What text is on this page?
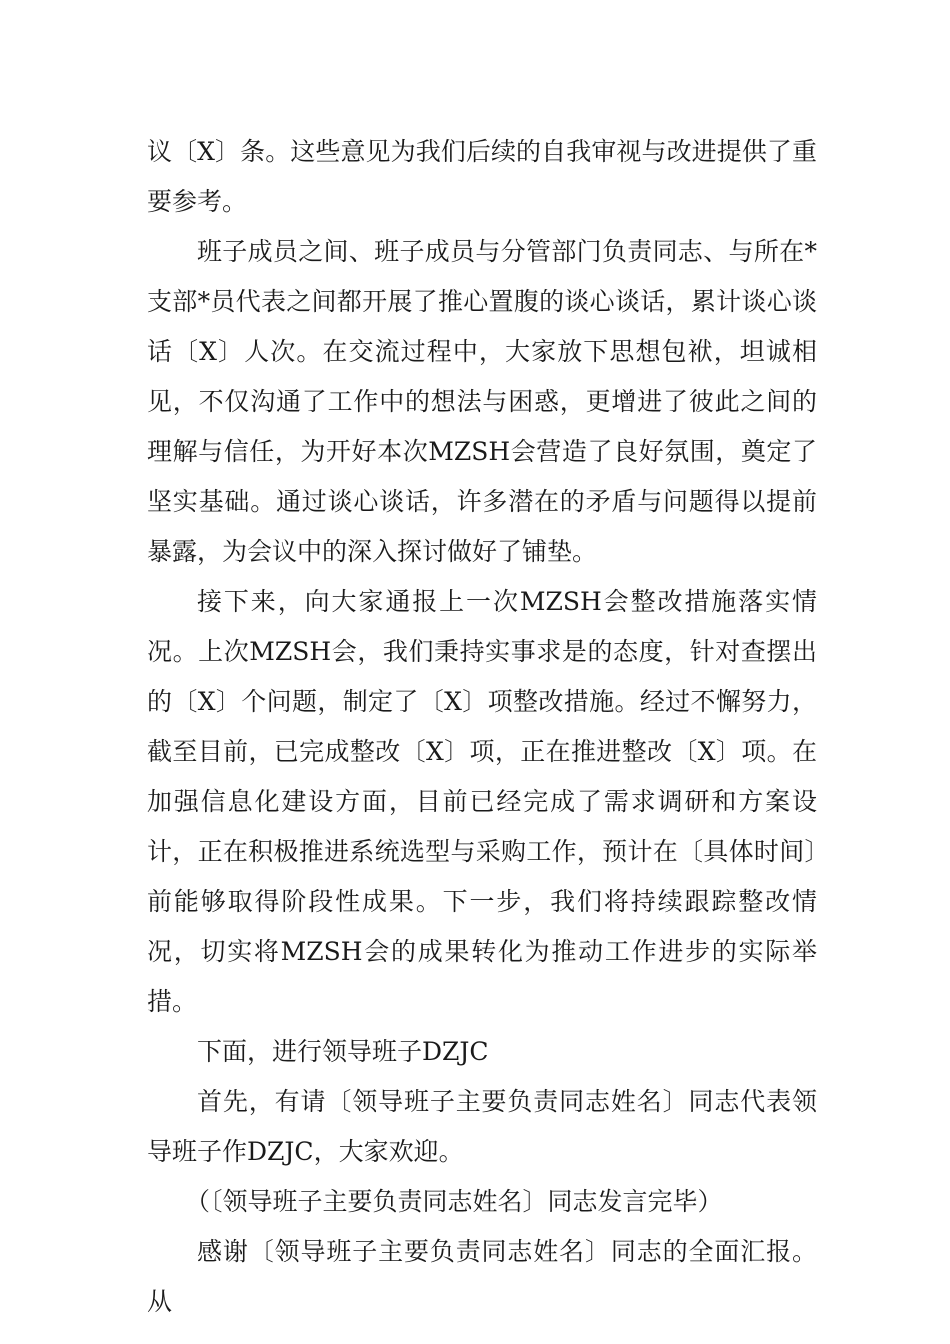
议〔X〕条。这些意见为我们后续的自我审视与改进提供了重要参考。

班子成员之间、班子成员与分管部门负责同志、与所在*支部*员代表之间都开展了推心置腹的谈心谈话，累计谈心谈话〔X〕人次。在交流过程中，大家放下思想包袱，坦诚相见，不仅沟通了工作中的想法与困惑，更增进了彼此之间的理解与信任，为开好本次MZSH会营造了良好氛围，奠定了坚实基础。通过谈心谈话，许多潜在的矛盾与问题得以提前暴露，为会议中的深入探讨做好了铺垫。

接下来，向大家通报上一次MZSH会整改措施落实情况。上次MZSH会，我们秉持实事求是的态度，针对查摆出的〔X〕个问题，制定了〔X〕项整改措施。经过不懈努力，截至目前，已完成整改〔X〕项，正在推进整改〔X〕项。在加强信息化建设方面，目前已经完成了需求调研和方案设计，正在积极推进系统选型与采购工作，预计在〔具体时间〕前能够取得阶段性成果。下一步，我们将持续跟踪整改情况，切实将MZSH会的成果转化为推动工作进步的实际举措。

下面，进行领导班子DZJC

首先，有请〔领导班子主要负责同志姓名〕同志代表领导班子作DZJC，大家欢迎。

（〔领导班子主要负责同志姓名〕同志发言完毕）

感谢〔领导班子主要负责同志姓名〕同志的全面汇报。从
